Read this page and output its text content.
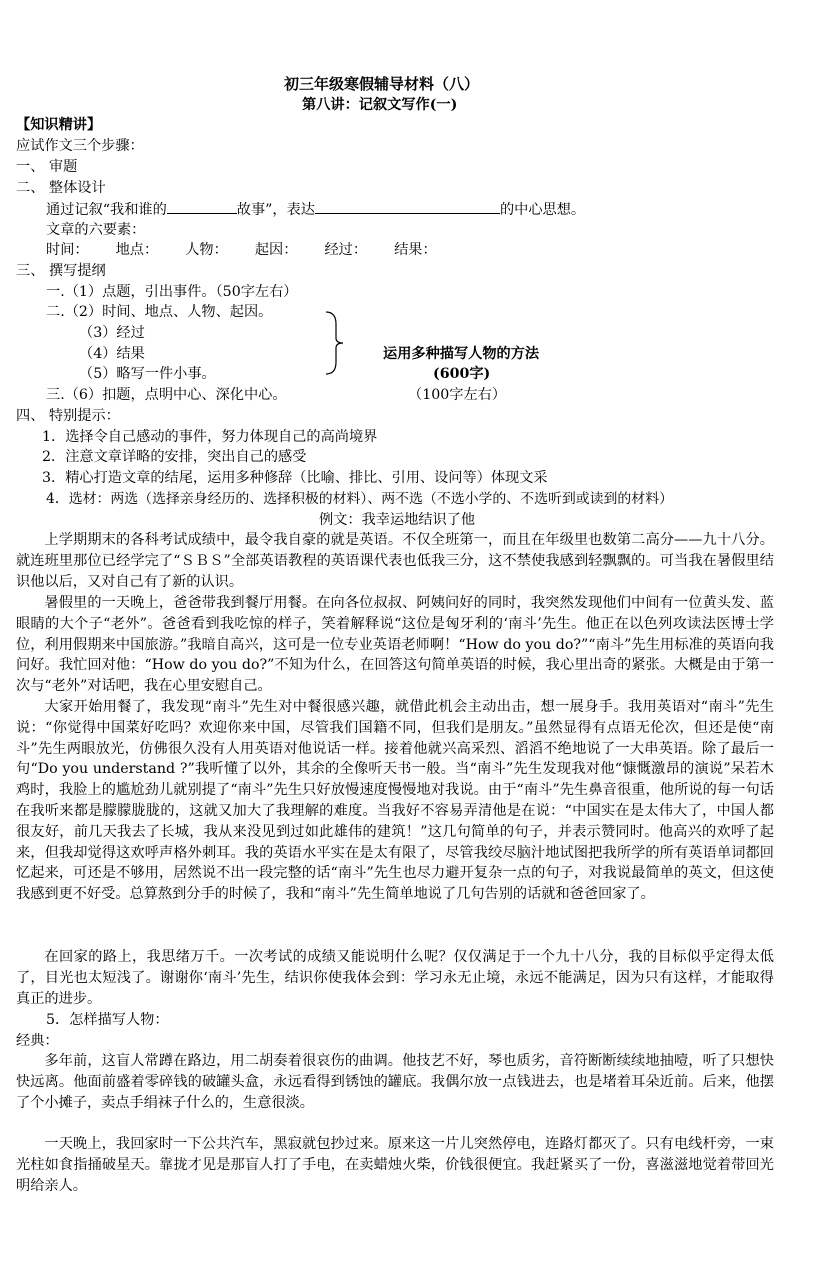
初三年级寒假辅导材料（八）
第八讲：记叙文写作(一)
【知识精讲】
应试作文三个步骤：
一、 审题
二、 整体设计
通过记叙“我和谁的	故事”，表达	的中心思想。
文章的六要素：
时间：      地点：      人物：      起因：      经过：      结果：
三、 撰写提纲
一.（1）点题，引出事件。（50字左右）
二.（2）时间、地点、人物、起因。
（3）经过
（4）结果
（5）略写一件小事。
运用多种描写人物的方法
(600字)
三.（6）扣题，点明中心、深化中心。	（100字左右）
四、 特别提示：
1．选择令自己感动的事件，努力体现自己的高尚境界
2．注意文章详略的安排，突出自己的感受
3．精心打造文章的结尾，运用多种修辞（比喻、排比、引用、设问等）体现文采
4．选材：两选（选择亲身经历的、选择积极的材料）、两不选（不选小学的、不选听到或读到的材料）
例文：我幸运地结识了他
上学期期末的各科考试成绩中，最令我自豪的就是英语。不仅全班第一，而且在年级里也数第二高分——九十八分。就连班里那位已经学完了“ＳＢＳ”全部英语教程的英语课代表也低我三分，这不禁使我感到轻飘飘的。可当我在暑假里结识他以后，又对自己有了新的认识。
暑假里的一天晚上，爸爸带我到餐厅用餐。在向各位叔叔、阿姨问好的同时，我突然发现他们中间有一位黄头发、蓝眼睛的大个子“老外”。爸爸看到我吃惊的样子，笑着解释说“这位是匈牙利的‘南斗’先生。他正在以色列攻读法医博士学位，利用假期来中国旅游。”我暗自高兴，这可是一位专业英语老师啊！“How do you do?”“南斗”先生用标准的英语向我问好。我忙回对他：“How do you do?”不知为什么，在回答这句简单英语的时候，我心里出奇的紧张。大概是由于第一次与“老外”对话吧，我在心里安慰自己。
大家开始用餐了，我发现“南斗”先生对中餐很感兴趣，就借此机会主动出击，想一展身手。我用英语对“南斗”先生说：“你觉得中国菜好吃吗？欢迎你来中国，尽管我们国籍不同，但我们是朋友。”虽然显得有点语无伦次，但还是使“南斗”先生两眼放光，仿佛很久没有人用英语对他说话一样。接着他就兴高采烈、滔滔不绝地说了一大串英语。除了最后一句“Do you understand ?”我听懂了以外，其余的全像听天书一般。当“南斗”先生发现我对他“慷慨激昂的演说”呆若木鸡时，我脸上的尴尬劲儿就别提了“南斗”先生只好放慢速度慢慢地对我说。由于“南斗”先生鼻音很重，他所说的每一句话在我听来都是朦朦胧胧的，这就又加大了我理解的难度。当我好不容易弄清他是在说：“中国实在是太伟大了，中国人都很友好，前几天我去了长城，我从来没见到过如此雄伟的建筑！”这几句简单的句子，并表示赞同时。他高兴的欢呼了起来，但我却觉得这欢呼声格外刺耳。我的英语水平实在是太有限了，尽管我绞尽脑汁地试图把我所学的所有英语单词都回忆起来，可还是不够用，居然说不出一段完整的话“南斗”先生也尽力避开复杂一点的句子，对我说最简单的英文，但这使我感到更不好受。总算熬到分手的时候了，我和“南斗”先生简单地说了几句告别的话就和爸爸回家了。
在回家的路上，我思绪万千。一次考试的成绩又能说明什么呢？仅仅满足于一个九十八分，我的目标似乎定得太低了，目光也太短浅了。谢谢你‘南斗’先生，结识你使我体会到：学习永无止境，永远不能满足，因为只有这样，才能取得真正的进步。
5．怎样描写人物：
经典：
多年前，这盲人常蹲在路边，用二胡奏着很哀伤的曲调。他技艺不好，琴也质劣，音符断断续续地抽噎，听了只想快快远离。他面前盛着零碎钱的破罐头盒，永远看得到锈蚀的罐底。我偶尔放一点钱进去，也是堵着耳朵近前。后来，他摆了个小摊子，卖点手绢袜子什么的，生意很淡。
一天晚上，我回家时一下公共汽车，黑寂就包抄过来。原来这一片儿突然停电，连路灯都灭了。只有电线杆旁，一束光柱如食指捅破星天。靠拢才见是那盲人打了手电，在卖蜡烛火柴，价钱很便宜。我赶紧买了一份，喜滋滋地觉着带回光明给亲人。
